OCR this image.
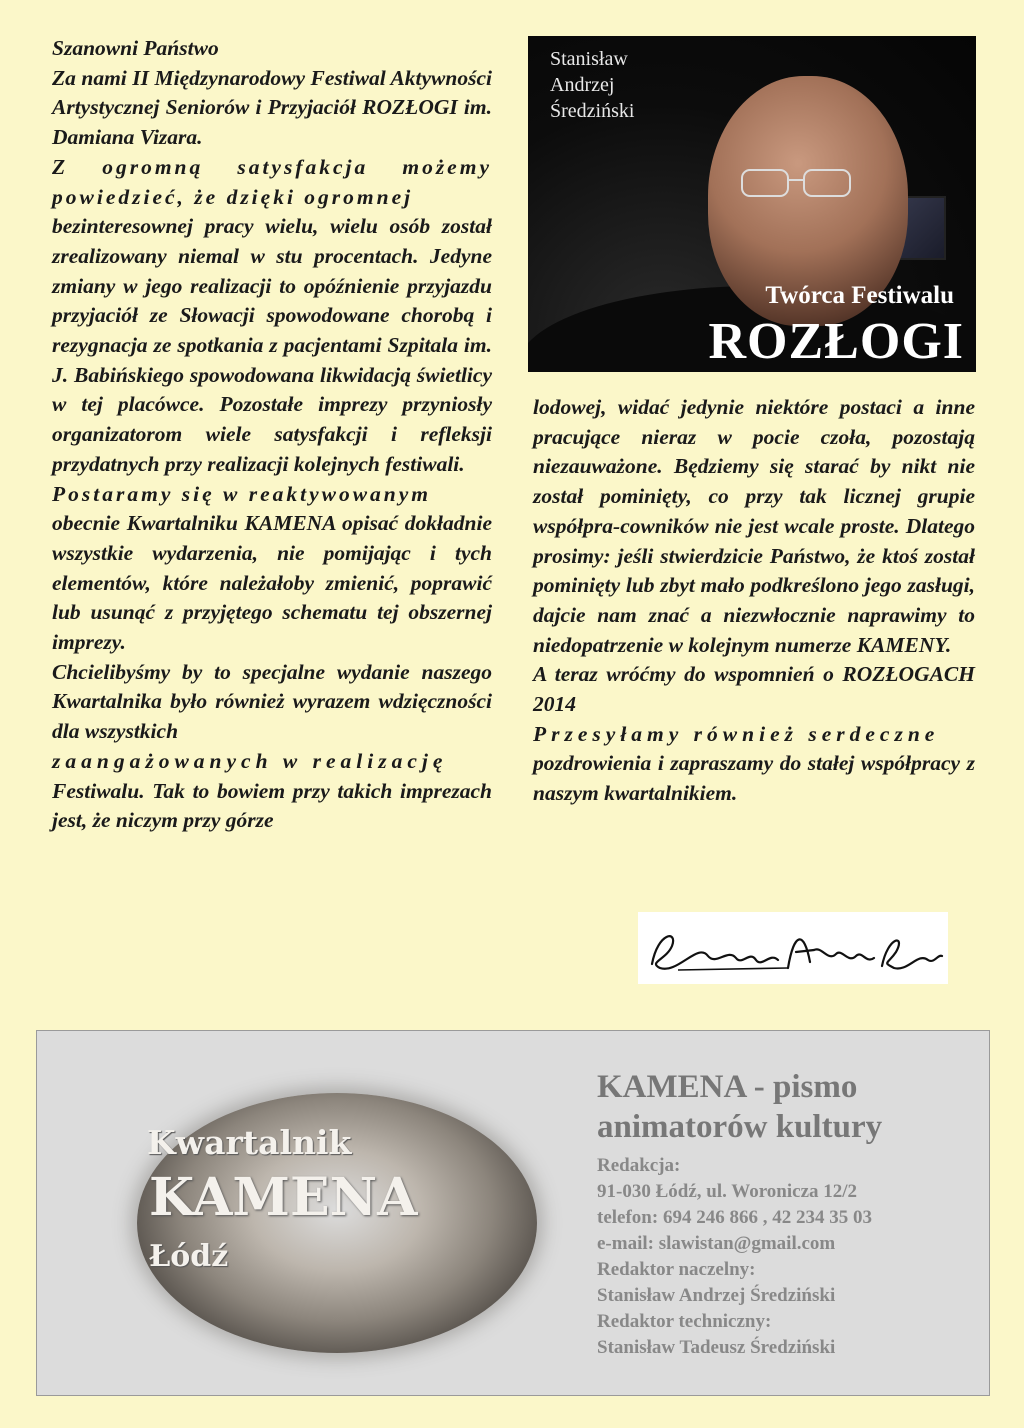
Szanowni Państwo

Za nami II Międzynarodowy Festiwal Aktywności Artystycznej Seniorów i Przyjaciół ROZŁOGI im. Damiana Vizara.

Z ogromną satysfakcja możemy powiedzieć, że dzięki ogromnej

bezinteresownej pracy wielu, wielu osób został zrealizowany niemal w stu procentach. Jedyne zmiany w jego realizacji to opóźnienie przyjazdu przyjaciół ze Słowacji spowodowane chorobą i rezygnacja ze spotkania z pacjentami Szpitala im. J. Babińskiego spowodowana likwidacją świetlicy w tej placówce. Pozostałe imprezy przyniosły organizatorom wiele satysfakcji i refleksji przydatnych przy realizacji kolejnych festiwali.

Postaramy się w reaktywowanym

obecnie Kwartalniku KAMENA opisać dokładnie wszystkie wydarzenia, nie pomijając i tych elementów, które należałoby zmienić, poprawić lub usunąć z przyjętego schematu tej obszernej imprezy.

Chcielibyśmy by to specjalne wydanie naszego Kwartalnika było również wyrazem wdzięczności dla wszystkich

zaangażowanych w realizację

Festiwalu. Tak to bowiem przy takich imprezach jest, że niczym przy górze

Stanisław
Andrzej
Średziński
Twórca Festiwalu
ROZŁOGI

lodowej, widać jedynie niektóre postaci a inne pracujące nieraz w pocie czoła, pozostają niezauważone. Będziemy się starać by nikt nie został pominięty, co przy tak licznej grupie współpra-cowników nie jest wcale proste. Dlatego prosimy: jeśli stwierdzicie Państwo, że ktoś został pominięty lub zbyt mało podkreślono jego zasługi, dajcie nam znać a niezwłocznie naprawimy to niedopatrzenie w kolejnym numerze KAMENY.

A teraz wróćmy do wspomnień o ROZŁOGACH 2014

Przesyłamy również serdeczne

pozdrowienia i zapraszamy do stałej współpracy z naszym kwartalnikiem.

Kwartalnik
KAMENA
Łódź
KAMENA - pismo
animatorów kultury
Redakcja:
91-030 Łódź, ul. Woronicza 12/2
telefon: 694 246 866 , 42 234 35 03
e-mail: slawistan@gmail.com
Redaktor naczelny:
Stanisław Andrzej Średziński
Redaktor techniczny:
Stanisław Tadeusz Średziński
